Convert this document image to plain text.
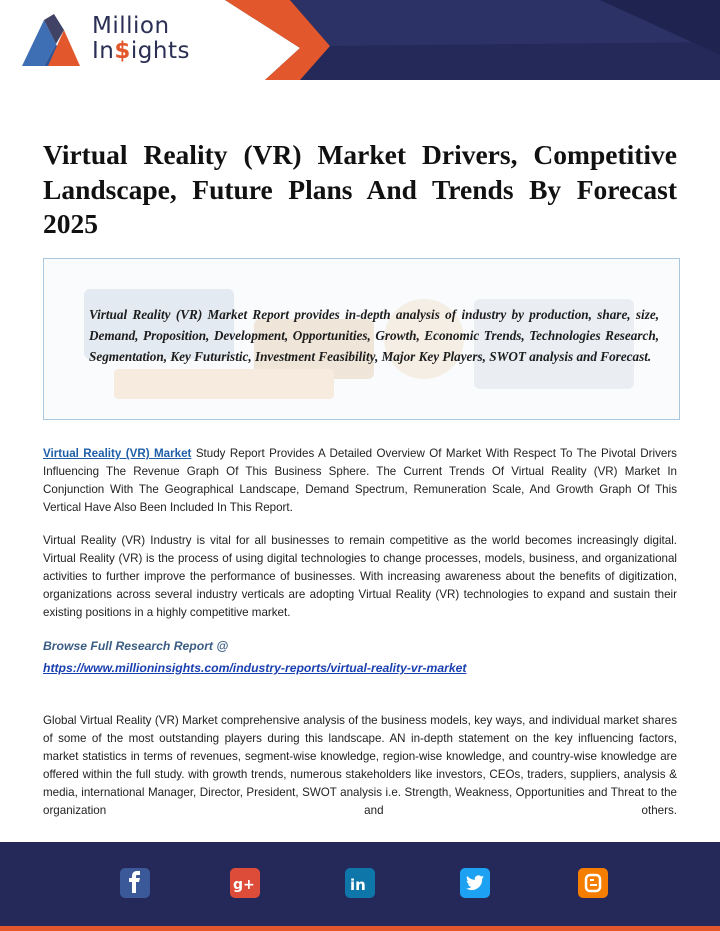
Million
In$ights
Virtual Reality (VR) Market Drivers, Competitive Landscape, Future Plans And Trends By Forecast 2025

Virtual Reality (VR) Market Report provides in-depth analysis of industry by production, share, size, Demand, Proposition, Development, Opportunities, Growth, Economic Trends, Technologies Research, Segmentation, Key Futuristic, Investment Feasibility, Major Key Players, SWOT analysis and Forecast.

Virtual Reality (VR) Market Study Report Provides A Detailed Overview Of Market With Respect To The Pivotal Drivers Influencing The Revenue Graph Of This Business Sphere. The Current Trends Of Virtual Reality (VR) Market In Conjunction With The Geographical Landscape, Demand Spectrum, Remuneration Scale, And Growth Graph Of This Vertical Have Also Been Included In This Report.

Virtual Reality (VR) Industry is vital for all businesses to remain competitive as the world becomes increasingly digital. Virtual Reality (VR) is the process of using digital technologies to change processes, models, business, and organizational activities to further improve the performance of businesses. With increasing awareness about the benefits of digitization, organizations across several industry verticals are adopting Virtual Reality (VR) technologies to expand and sustain their existing positions in a highly competitive market.

Browse Full Research Report @
https://www.millioninsights.com/industry-reports/virtual-reality-vr-market

Global Virtual Reality (VR) Market comprehensive analysis of the business models, key ways, and individual market shares of some of the most outstanding players during this landscape. AN in-depth statement on the key influencing factors, market statistics in terms of revenues, segment-wise knowledge, region-wise knowledge, and country-wise knowledge are offered within the full study. with growth trends, numerous stakeholders like investors, CEOs, traders, suppliers, analysis & media, international Manager, Director, President, SWOT analysis i.e. Strength, Weakness, Opportunities and Threat to the organization and others.

g+	in
